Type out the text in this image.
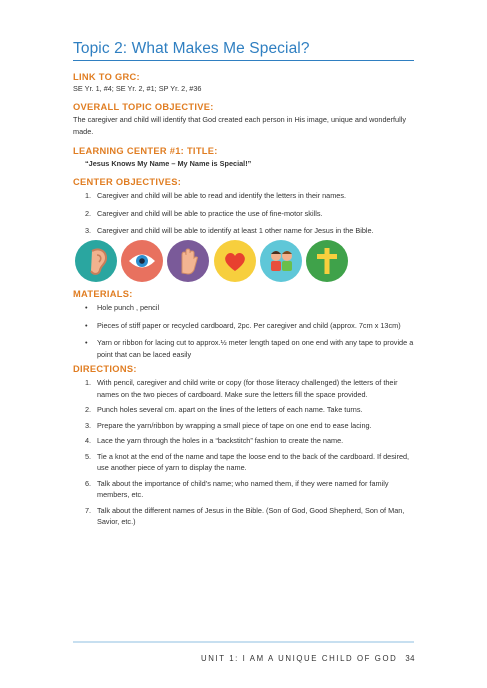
Topic 2: What Makes Me Special?
LINK TO GRC:
SE Yr. 1, #4; SE Yr. 2, #1; SP Yr. 2, #36
OVERALL TOPIC OBJECTIVE:
The caregiver and child will identify that God created each person in His image, unique and wonderfully made.
LEARNING CENTER #1: TITLE:
“Jesus Knows My Name – My Name is Special!”
CENTER OBJECTIVES:
1. Caregiver and child will be able to read and identify the letters in their names.
2. Caregiver and child will be able to practice the use of fine-motor skills.
3. Caregiver and child will be able to identify at least 1 other name for Jesus in the Bible.
MATERIALS:
• Hole punch , pencil
• Pieces of stiff paper or recycled cardboard, 2pc. Per caregiver and child (approx. 7cm x 13cm)
• Yarn or ribbon for lacing cut to approx.½ meter length taped on one end with any tape to provide a point that can be laced easily
DIRECTIONS:
1. With pencil, caregiver and child write or copy (for those literacy challenged) the letters of their names on the two pieces of cardboard. Make sure the letters fill the space provided.
2. Punch holes several cm. apart on the lines of the letters of each name. Take turns.
3. Prepare the yarn/ribbon by wrapping a small piece of tape on one end to ease lacing.
4. Lace the yarn through the holes in a “backstitch” fashion to create the name.
5. Tie a knot at the end of the name and tape the loose end to the back of the cardboard. If desired, use another piece of yarn to display the name.
6. Talk about the importance of child’s name; who named them, if they were named for family members, etc.
7. Talk about the different names of Jesus in the Bible. (Son of God, Good Shepherd, Son of Man, Savior, etc.)
UNIT 1: I AM A UNIQUE CHILD OF GOD 34
